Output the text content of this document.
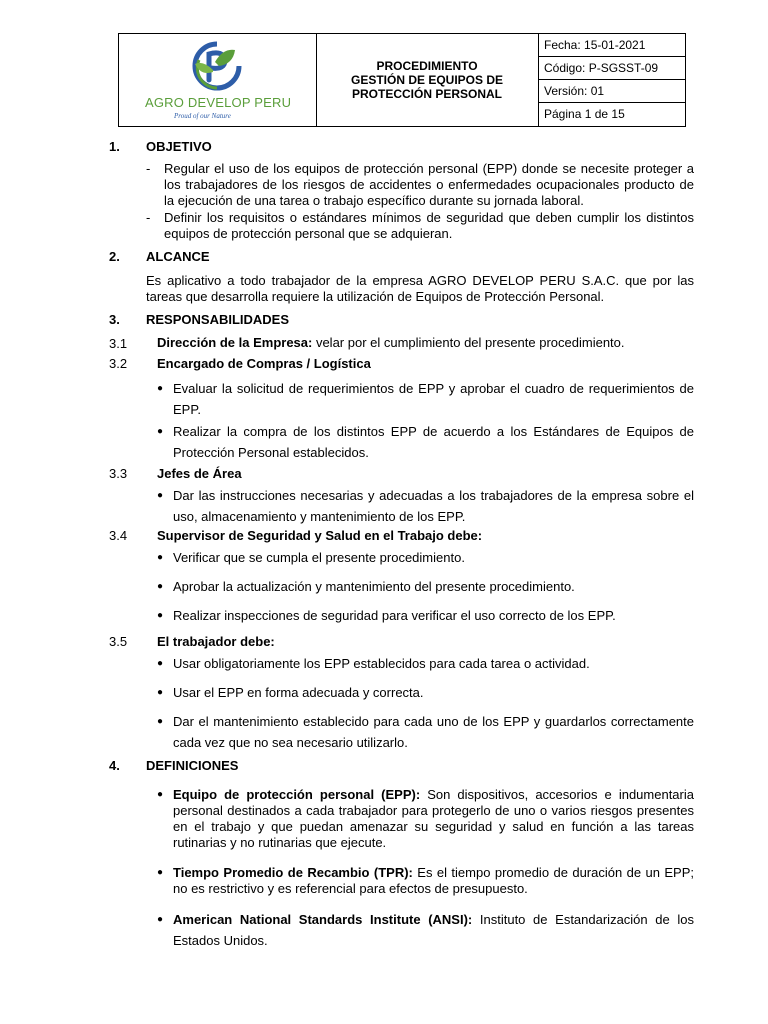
AGRO DEVELOP PERU
Proud of our Nature
PROCEDIMIENTO
GESTIÓN DE EQUIPOS DE
PROTECCIÓN PERSONAL
Fecha: 15-01-2021
Código: P-SGSST-09
Versión: 01
Página 1 de 15
1. OBJETIVO
-	Regular el uso de los equipos de protección personal (EPP) donde se necesite proteger a los trabajadores de los riesgos de accidentes o enfermedades ocupacionales producto de la ejecución de una tarea o trabajo específico durante su jornada laboral.
-	Definir los requisitos o estándares mínimos de seguridad que deben cumplir los distintos equipos de protección personal que se adquieran.
2. ALCANCE
Es aplicativo a todo trabajador de la empresa AGRO DEVELOP PERU S.A.C. que por las tareas que desarrolla requiere la utilización de Equipos de Protección Personal.
3. RESPONSABILIDADES
3.1 Dirección de la Empresa: velar por el cumplimiento del presente procedimiento.
3.2 Encargado de Compras / Logística
● Evaluar la solicitud de requerimientos de EPP y aprobar el cuadro de requerimientos de EPP.
● Realizar la compra de los distintos EPP de acuerdo a los Estándares de Equipos de Protección Personal establecidos.
3.3 Jefes de Área
● Dar las instrucciones necesarias y adecuadas a los trabajadores de la empresa sobre el uso, almacenamiento y mantenimiento de los EPP.
3.4 Supervisor de Seguridad y Salud en el Trabajo debe:
● Verificar que se cumpla el presente procedimiento.
● Aprobar la actualización y mantenimiento del presente procedimiento.
● Realizar inspecciones de seguridad para verificar el uso correcto de los EPP.
3.5 El trabajador debe:
● Usar obligatoriamente los EPP establecidos para cada tarea o actividad.
● Usar el EPP en forma adecuada y correcta.
● Dar el mantenimiento establecido para cada uno de los EPP y guardarlos correctamente cada vez que no sea necesario utilizarlo.
4. DEFINICIONES
● Equipo de protección personal (EPP): Son dispositivos, accesorios e indumentaria personal destinados a cada trabajador para protegerlo de uno o varios riesgos presentes en el trabajo y que puedan amenazar su seguridad y salud en función a las tareas rutinarias y no rutinarias que ejecute.
● Tiempo Promedio de Recambio (TPR): Es el tiempo promedio de duración de un EPP; no es restrictivo y es referencial para efectos de presupuesto.
● American National Standards Institute (ANSI): Instituto de Estandarización de los Estados Unidos.
